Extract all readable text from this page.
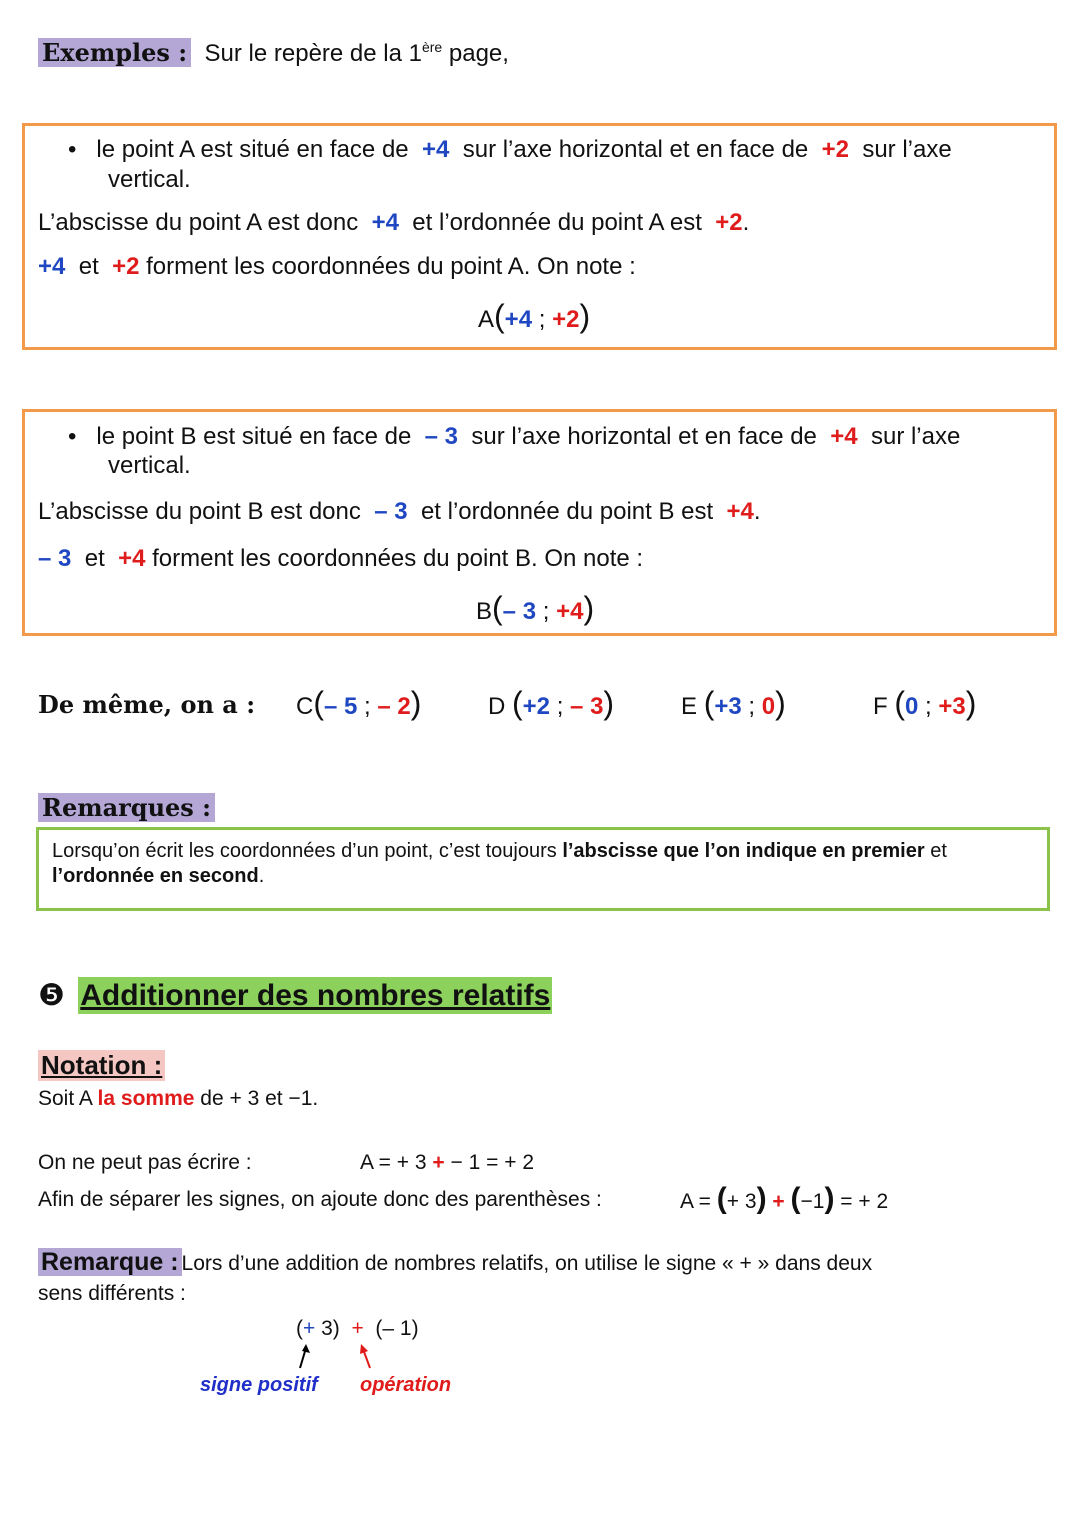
Exemples : Sur le repère de la 1ère page,
• le point A est situé en face de +4 sur l’axe horizontal et en face de +2 sur l’axe
vertical.
L’abscisse du point A est donc +4 et l’ordonnée du point A est +2.
+4 et +2 forment les coordonnées du point A. On note :
A(+4 ; +2)
• le point B est situé en face de – 3 sur l’axe horizontal et en face de +4 sur l’axe
vertical.
L’abscisse du point B est donc – 3 et l’ordonnée du point B est +4.
– 3 et +4 forment les coordonnées du point B. On note :
B(– 3 ; +4)
De même, on a : C(– 5 ; – 2)	D (+2 ; – 3)	E (+3 ; 0)	F (0 ; +3)
Remarques :
Lorsqu’on écrit les coordonnées d’un point, c’est toujours l’abscisse que l’on indique en premier et
l’ordonnée en second.
❺ Additionner des nombres relatifs
Notation :
Soit A la somme de + 3 et −1.
On ne peut pas écrire :	A = + 3 + − 1 = + 2
Afin de séparer les signes, on ajoute donc des parenthèses :	A = (+ 3) + (−1) = + 2
Remarque : Lors d’une addition de nombres relatifs, on utilise le signe « + » dans deux
sens différents :
(+ 3) + (– 1)
signe positif opération
